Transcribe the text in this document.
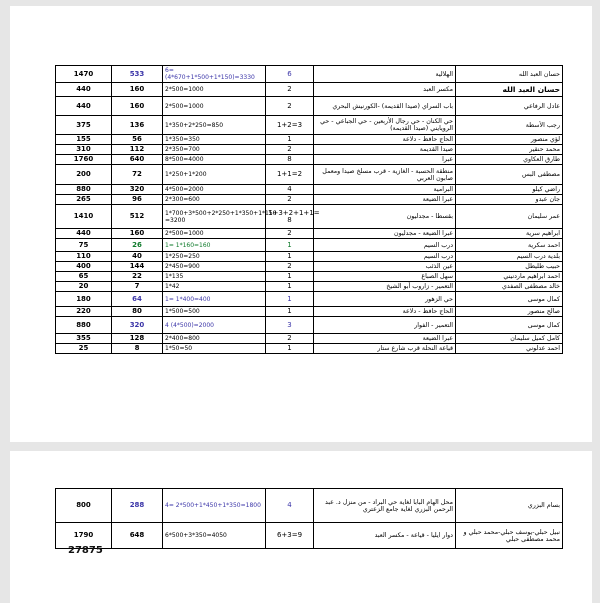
1470	533	6= (4*670+1*500+1*150)=3330	6	الهلالية	حسان العبد الله
440	160	2*500=1000	2	مكسر العبد	حسان العبد الله
440	160	2*500=1000	2	باب السراي (صيدا القديمة) -الكورنيش البحري	عادل الرفاعي
375	136	1*350+2*250=850	1+2=3	حي الكنان - حي رجال الأربعين - حي الجباعي - حي الرويايني (صيدا القديمة)	رجب الأسطة
155	56	1*350=350	1	الحاج حافظ - دلاعة	لؤي منصور
310	112	2*350=700	2	صيدا القديمة	محمد حنقير
1760	640	8*500=4000	8	عبرا	طارق العكاوي
200	72	1*250+1*200	1+1=2	منطقة الحسبة - الغازية - قرب مسلخ صيدا ومعمل صابون العربي	مصطفى البس
880	320	4*500=2000	4	البرامية	راضي كيلو
265	96	2*300=600	2	عبرا الضيعة	جان عبدو
1410	512	1*700+3*500+2*250+1*350+1*150 =3200	1+3+2+1+1= 8	بقسطا - مجدليون	عمر سليمان
440	160	2*500=1000	2	عبرا الضيعة - مجدليون	ابراهيم سرية
75	26	1= 1*160=160	1	درب السيم	احمد سكرية
110	40	1*250=250	1	درب السيم	بلدية درب السيم
400	144	2*450=900	2	عين الذئب	حبيب طليطل
65	22	1*135	1	سهل الصباغ	احمد ابراهيم ماردنيني
20	7	1*42	1	التعمير - زاروب أبو الشيخ	خالد مصطفى الصفدي
180	64	1= 1*400=400	1	حي الزهور	كمال موسى
220	80	1*500=500	1	الحاج حافظ - دلاعة	صالح منصور
880	320	4 (4*500)=2000	3	التعمير - الفوار	كمال موسى
355	128	2*400=800	2	عبرا الضيعة	كامل كميل سليمان
25	8	1*50=50	1	قياعة النحلة قرب شارع ستار	احمد عدلوني
800	288	4= 2*500+1*450+1*350=1800	4	محل الهام البابا لغاية حي البراد - من منزل د. عبد الرحمن البزري لغاية جامع الزعتري	بسام البزري
1790	648	6*500+3*350=4050	6+3=9	دوار ايليا - قياعة - مكسر العبد	نبيل حبلي-يوسف حبلي-محمد حبلي و محمد مصطفى حبلي
27875
